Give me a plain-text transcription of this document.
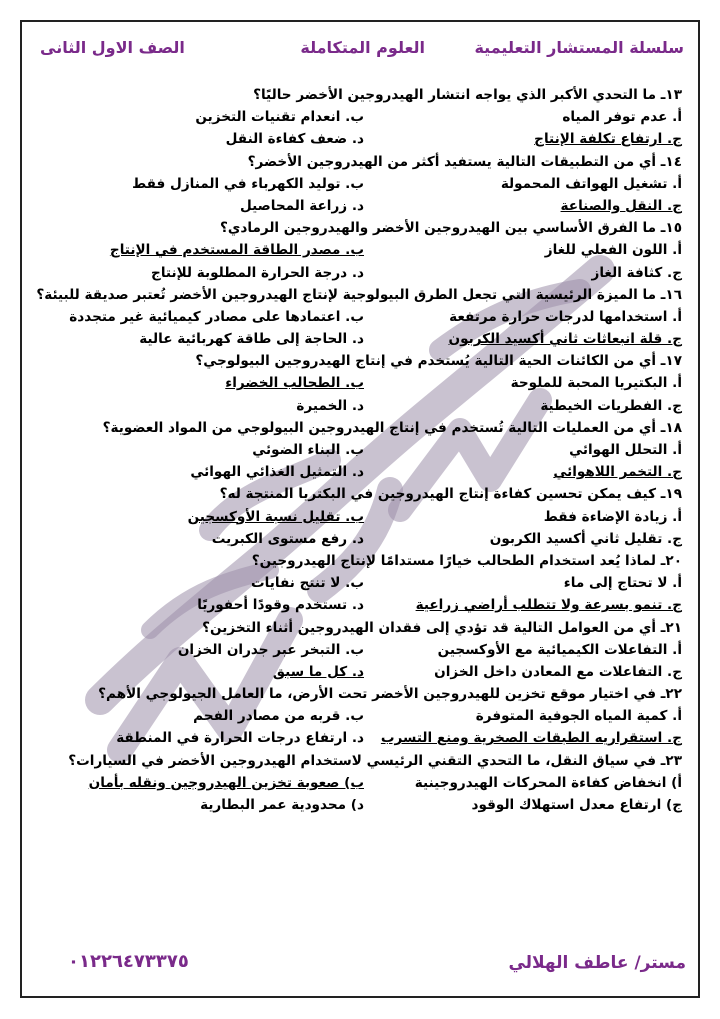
سلسلة المستشار التعليمية
العلوم المتكاملة
الصف الاول الثانى
١٣ـ ما التحدي الأكبر الذي يواجه انتشار الهيدروجين الأخضر حاليًا؟
أ. عدم توفر المياه
ب. انعدام تقنيات التخزين
ج. ارتفاع تكلفة الإنتاج
د. ضعف كفاءة النقل
١٤ـ أي من التطبيقات التالية يستفيد أكثر من الهيدروجين الأخضر؟
أ. تشغيل الهواتف المحمولة
ب. توليد الكهرباء في المنازل فقط
ج. النقل والصناعة
د. زراعة المحاصيل
١٥ـ ما الفرق الأساسي بين الهيدروجين الأخضر والهيدروجين الرمادي؟
أ. اللون الفعلي للغاز
ب. مصدر الطاقة المستخدم في الإنتاج
ج. كثافة الغاز
د. درجة الحرارة المطلوبة للإنتاج
١٦ـ ما الميزة الرئيسية التي تجعل الطرق البيولوجية لإنتاج الهيدروجين الأخضر تُعتبر صديقة للبيئة؟
أ. استخدامها لدرجات حرارة مرتفعة
ب. اعتمادها على مصادر كيميائية غير متجددة
ج. قلة انبعاثات ثاني أكسيد الكربون
د. الحاجة إلى طاقة كهربائية عالية
١٧ـ أي من الكائنات الحية التالية يُستخدم في إنتاج الهيدروجين البيولوجي؟
أ. البكتيريا المحبة للملوحة
ب. الطحالب الخضراء
ج. الفطريات الخيطية
د. الخميرة
١٨ـ أي من العمليات التالية تُستخدم في إنتاج الهيدروجين البيولوجي من المواد العضوية؟
أ. التحلل الهوائي
ب. البناء الضوئي
ج. التخمر اللاهوائي
د. التمثيل الغذائي الهوائي
١٩ـ كيف يمكن تحسين كفاءة إنتاج الهيدروجين في البكتريا المنتجة له؟
أ. زيادة الإضاءة فقط
ب. تقليل نسبة الأوكسجين
ج. تقليل ثاني أكسيد الكربون
د. رفع مستوى الكبريت
٢٠ـ لماذا يُعد استخدام الطحالب خيارًا مستدامًا لإنتاج الهيدروجين؟
أ. لا تحتاج إلى ماء
ب. لا تنتج نفايات
ج. تنمو بسرعة ولا تتطلب أراضي زراعية
د. تستخدم وقودًا أحفوريًا
٢١ـ أي من العوامل التالية قد تؤدي إلى فقدان الهيدروجين أثناء التخزين؟
أ. التفاعلات الكيميائية مع الأوكسجين
ب. التبخر عبر جدران الخزان
ج. التفاعلات مع المعادن داخل الخزان
د. كل ما سبق
٢٢ـ في اختيار موقع تخزين للهيدروجين الأخضر تحت الأرض، ما العامل الجيولوجي الأهم؟
أ. كمية المياه الجوفية المتوفرة
ب. قربه من مصادر الفحم
ج. استقراريه الطبقات الصخرية ومنع التسرب
د. ارتفاع درجات الحرارة في المنطقة
٢٣ـ في سياق النقل، ما التحدي التقني الرئيسي لاستخدام الهيدروجين الأخضر في السيارات؟
أ) انخفاض كفاءة المحركات الهيدروجينية
ب) صعوبة تخزين الهيدروجين ونقله بأمان
ج) ارتفاع معدل استهلاك الوقود
د) محدودية عمر البطارية
مستر/ عاطف الهلالي
٠١٢٢٦٤٧٣٣٧٥
